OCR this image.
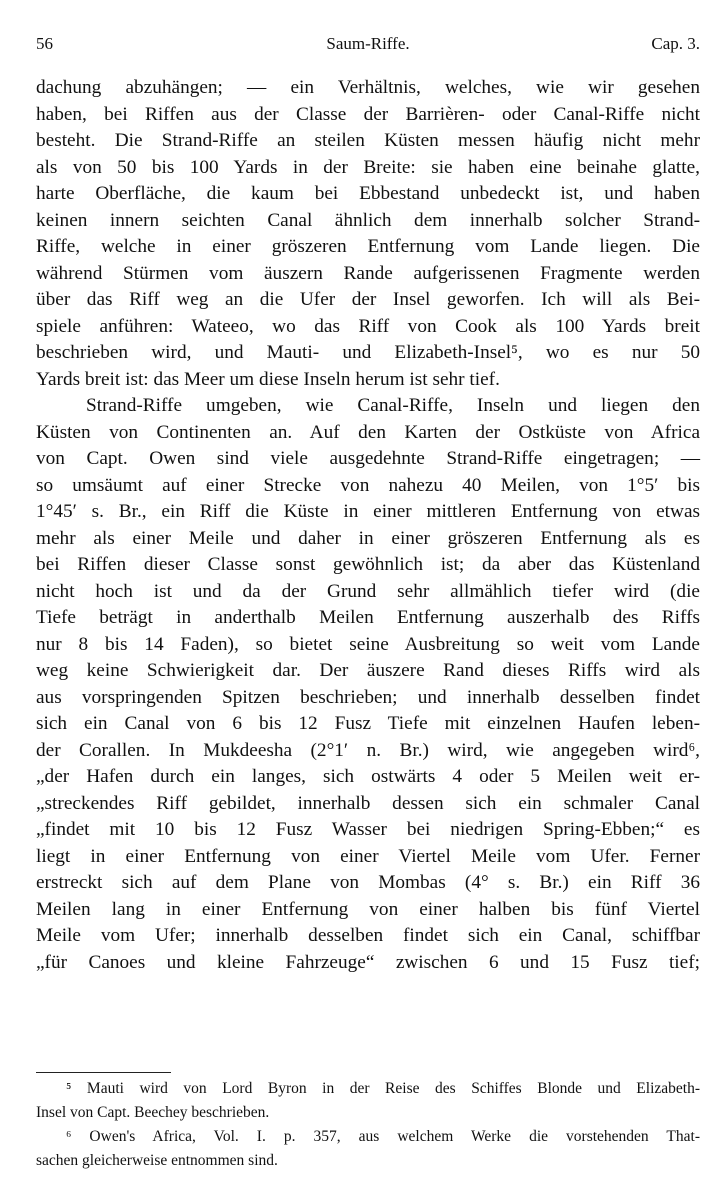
56	Saum-Riffe.	Cap. 3.
dachung abzuhängen; — ein Verhältnis, welches, wie wir gesehen
haben, bei Riffen aus der Classe der Barrièren- oder Canal-Riffe nicht
besteht. Die Strand-Riffe an steilen Küsten messen häufig nicht mehr
als von 50 bis 100 Yards in der Breite: sie haben eine beinahe glatte,
harte Oberfläche, die kaum bei Ebbestand unbedeckt ist, und haben
keinen innern seichten Canal ähnlich dem innerhalb solcher Strand-
Riffe, welche in einer gröszeren Entfernung vom Lande liegen. Die
während Stürmen vom äuszern Rande aufgerissenen Fragmente werden
über das Riff weg an die Ufer der Insel geworfen. Ich will als Bei-
spiele anführen: Wateeo, wo das Riff von Cook als 100 Yards breit
beschrieben wird, und Mauti- und Elizabeth-Insel⁵, wo es nur 50
Yards breit ist: das Meer um diese Inseln herum ist sehr tief.
Strand-Riffe umgeben, wie Canal-Riffe, Inseln und liegen den
Küsten von Continenten an. Auf den Karten der Ostküste von Africa
von Capt. Owen sind viele ausgedehnte Strand-Riffe eingetragen; —
so umsäumt auf einer Strecke von nahezu 40 Meilen, von 1°5′ bis
1°45′ s. Br., ein Riff die Küste in einer mittleren Entfernung von etwas
mehr als einer Meile und daher in einer gröszeren Entfernung als es
bei Riffen dieser Classe sonst gewöhnlich ist; da aber das Küstenland
nicht hoch ist und da der Grund sehr allmählich tiefer wird (die
Tiefe beträgt in anderthalb Meilen Entfernung auszerhalb des Riffs
nur 8 bis 14 Faden), so bietet seine Ausbreitung so weit vom Lande
weg keine Schwierigkeit dar. Der äuszere Rand dieses Riffs wird als
aus vorspringenden Spitzen beschrieben; und innerhalb desselben findet
sich ein Canal von 6 bis 12 Fusz Tiefe mit einzelnen Haufen leben-
der Corallen. In Mukdeesha (2°1′ n. Br.) wird, wie angegeben wird⁶,
„der Hafen durch ein langes, sich ostwärts 4 oder 5 Meilen weit er-
„streckendes Riff gebildet, innerhalb dessen sich ein schmaler Canal
„findet mit 10 bis 12 Fusz Wasser bei niedrigen Spring-Ebben;“ es
liegt in einer Entfernung von einer Viertel Meile vom Ufer. Ferner
erstreckt sich auf dem Plane von Mombas (4° s. Br.) ein Riff 36
Meilen lang in einer Entfernung von einer halben bis fünf Viertel
Meile vom Ufer; innerhalb desselben findet sich ein Canal, schiffbar
„für Canoes und kleine Fahrzeuge“ zwischen 6 und 15 Fusz tief;
⁵ Mauti wird von Lord Byron in der Reise des Schiffes Blonde und Elizabeth-
Insel von Capt. Beechey beschrieben.
⁶ Owen's Africa, Vol. I. p. 357, aus welchem Werke die vorstehenden That-
sachen gleicherweise entnommen sind.
